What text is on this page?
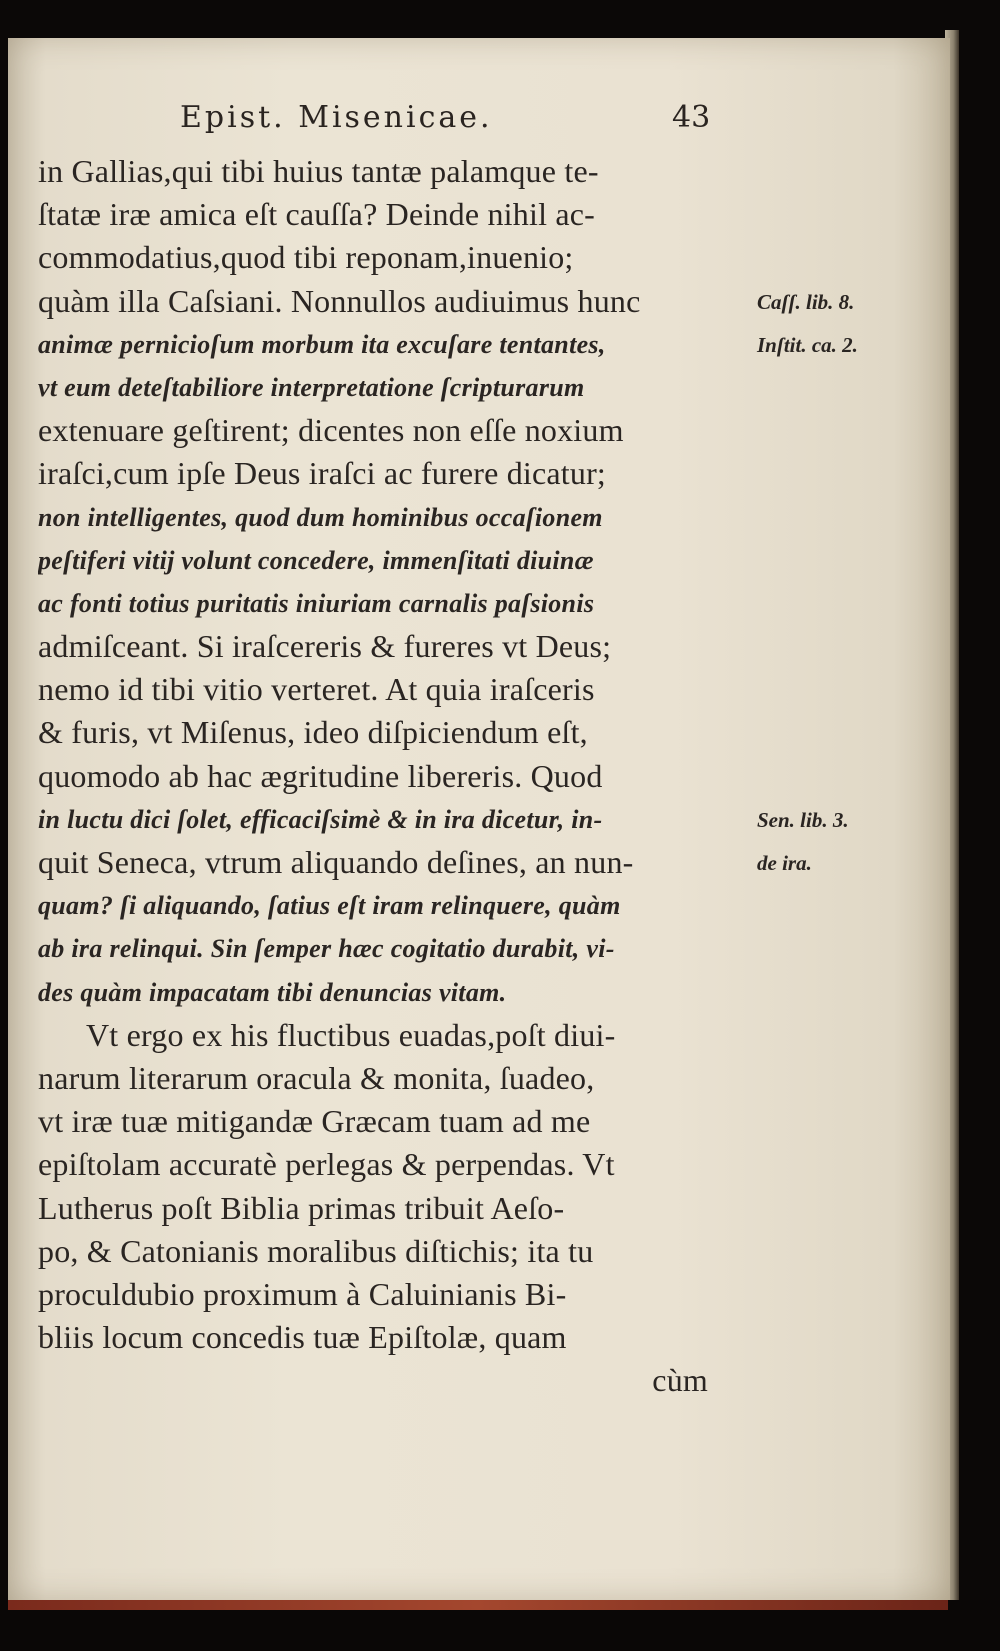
Epist. Misenicae.	43
in Gallias,qui tibi huius tantæ palamque te-
ſtatæ iræ amica eſt cauſſa? Deinde nihil ac-
commodatius,quod tibi reponam,inuenio;
quàm illa Caſsiani. Nonnullos audiuimus hunc
animæ pernicioſum morbum ita excuſare tentantes,
vt eum deteſtabiliore interpretatione ſcripturarum
extenuare geſtirent; dicentes non eſſe noxium
iraſci,cum ipſe Deus iraſci ac furere dicatur;
non intelligentes, quod dum hominibus occaſionem
peſtiferi vitij volunt concedere, immenſitati diuinæ
ac fonti totius puritatis iniuriam carnalis paſsionis
admiſceant. Si iraſcereris & fureres vt Deus;
nemo id tibi vitio verteret. At quia iraſceris
& furis, vt Miſenus, ideo diſpiciendum eſt,
quomodo ab hac ægritudine libereris. Quod
in luctu dici ſolet, efficaciſsimè & in ira dicetur, in-
quit Seneca, vtrum aliquando deſines, an nun-
quam? ſi aliquando, ſatius eſt iram relinquere, quàm
ab ira relinqui. Sin ſemper hæc cogitatio durabit, vi-
des quàm impacatam tibi denuncias vitam.
Vt ergo ex his fluctibus euadas,poſt diui-
narum literarum oracula & monita, ſuadeo,
vt iræ tuæ mitigandæ Græcam tuam ad me
epiſtolam accuratè perlegas & perpendas. Vt
Lutherus poſt Biblia primas tribuit Aeſo-
po, & Catonianis moralibus diſtichis; ita tu
proculdubio proximum à Caluinianis Bi-
bliis locum concedis tuæ Epiſtolæ, quam
cùm
Caſſ. lib. 8.
Inſtit. ca. 2.
Sen. lib. 3.
de ira.
